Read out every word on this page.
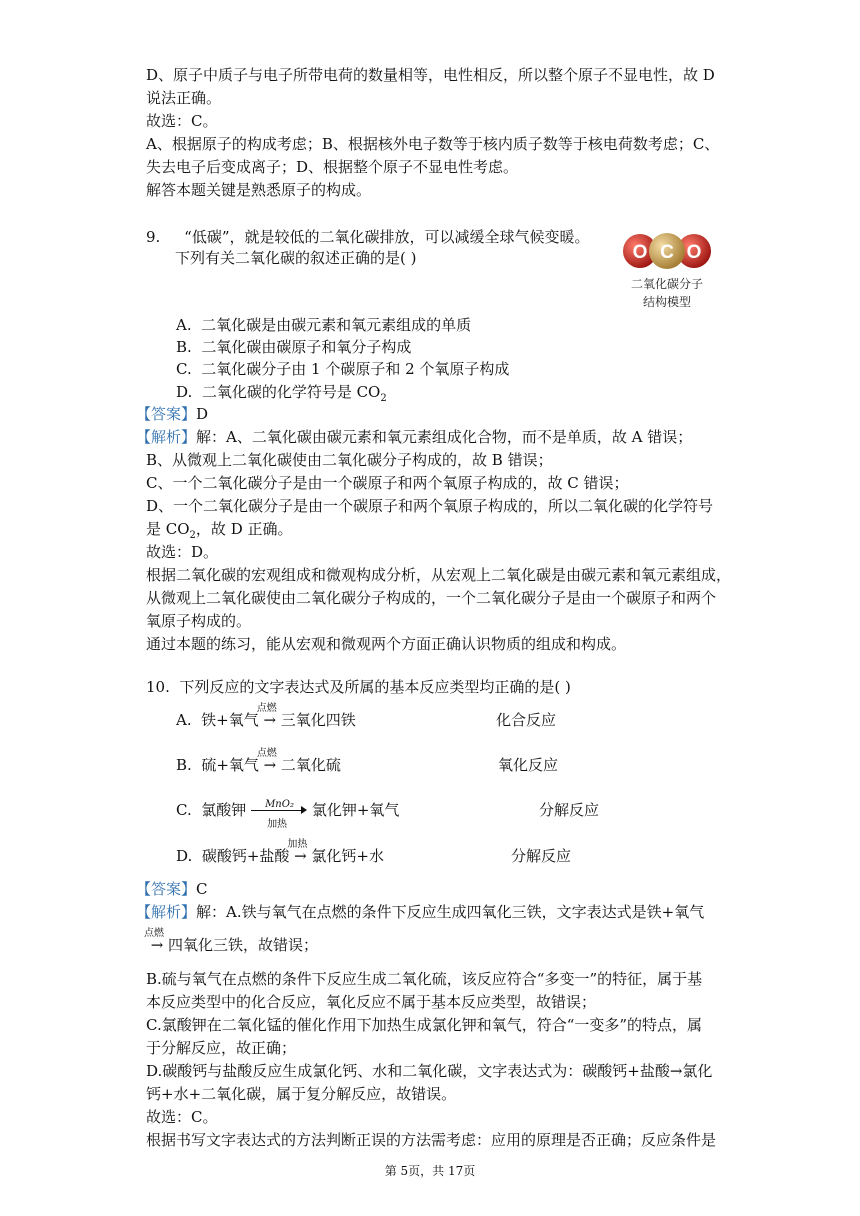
D、原子中质子与电子所带电荷的数量相等，电性相反，所以整个原子不显电性，故 D
说法正确。
故选：C。
A、根据原子的构成考虑；B、根据核外电子数等于核内质子数等于核电荷数考虑；C、
失去电子后变成离子；D、根据整个原子不显电性考虑。
解答本题关键是熟悉原子的构成。
9. “低碳”，就是较低的二氧化碳排放，可以减缓全球气候变暖。
下列有关二氧化碳的叙述正确的是( )	O C O
二氧化碳分子
结构模型
A. 二氧化碳是由碳元素和氧元素组成的单质
B. 二氧化碳由碳原子和氧分子构成
C. 二氧化碳分子由 1 个碳原子和 2 个氧原子构成
D. 二氧化碳的化学符号是 $CO_2$
【答案】D
【解析】解：A、二氧化碳由碳元素和氧元素组成化合物，而不是单质，故 A 错误；
B、从微观上二氧化碳使由二氧化碳分子构成的，故 B 错误；
C、一个二氧化碳分子是由一个碳原子和两个氧原子构成的，故 C 错误；
D、一个二氧化碳分子是由一个碳原子和两个氧原子构成的，所以二氧化碳的化学符号
是 $CO_2$，故 D 正确。
故选：D。
根据二氧化碳的宏观组成和微观构成分析，从宏观上二氧化碳是由碳元素和氧元素组成，
从微观上二氧化碳使由二氧化碳分子构成的，一个二氧化碳分子是由一个碳原子和两个
氧原子构成的。
通过本题的练习，能从宏观和微观两个方面正确认识物质的组成和构成。
10. 下列反应的文字表达式及所属的基本反应类型均正确的是( )
A. 铁+氧气
点燃
→ 三氧化四铁	化合反应
B. 硫+氧气
点燃
→ 二氧化硫	氧化反应
C. 氯酸钾 MnO₂
加热
氯化钾+氧气	分解反应
D. 碳酸钙+盐酸
加热
→ 氯化钙+水	分解反应
【答案】C
【解析】解：A.铁与氧气在点燃的条件下反应生成四氧化三铁，文字表达式是铁+氧气
点燃
→ 四氧化三铁，故错误；
B.硫与氧气在点燃的条件下反应生成二氧化硫，该反应符合“多变一”的特征，属于基
本反应类型中的化合反应，氧化反应不属于基本反应类型，故错误；
C.氯酸钾在二氧化锰的催化作用下加热生成氯化钾和氧气，符合“一变多”的特点，属
于分解反应，故正确；
D.碳酸钙与盐酸反应生成氯化钙、水和二氧化碳，文字表达式为：碳酸钙+盐酸→氯化
钙+水+二氧化碳，属于复分解反应，故错误。
故选：C。
根据书写文字表达式的方法判断正误的方法需考虑：应用的原理是否正确；反应条件是
第 5页，共 17页
